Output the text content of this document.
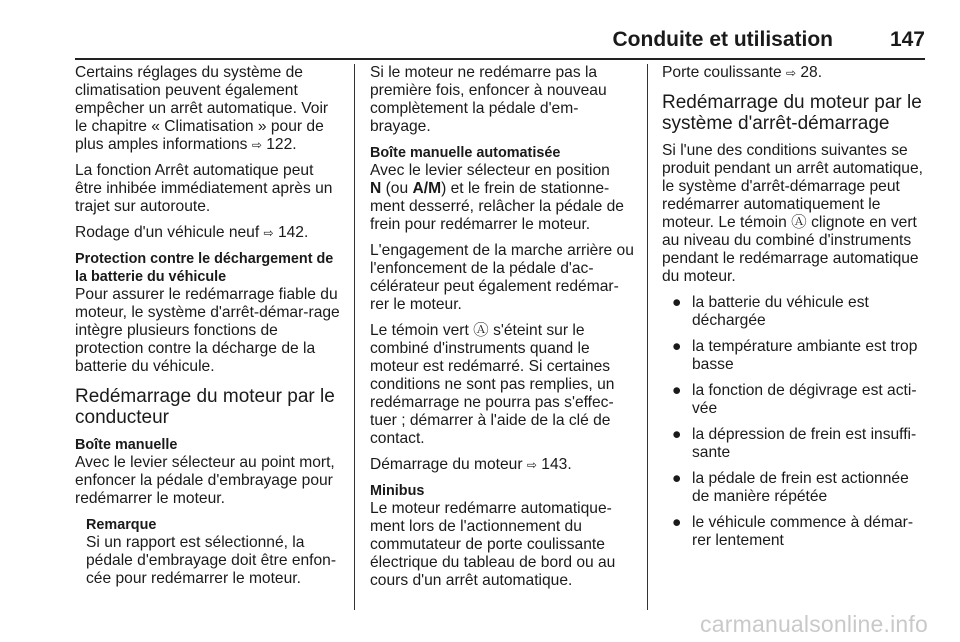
Conduite et utilisation	147

Certains réglages du système de climatisation peuvent également empêcher un arrêt automatique. Voir le chapitre « Climatisation » pour de plus amples informations ⇨ 122.

La fonction Arrêt automatique peut être inhibée immédiatement après un trajet sur autoroute.

Rodage d'un véhicule neuf ⇨ 142.

Protection contre le déchargement de la batterie du véhicule

Pour assurer le redémarrage fiable du moteur, le système d'arrêt-démar-rage intègre plusieurs fonctions de protection contre la décharge de la batterie du véhicule.

Redémarrage du moteur par le conducteur
Boîte manuelle

Avec le levier sélecteur au point mort, enfoncer la pédale d'embrayage pour redémarrer le moteur.

Remarque

Si un rapport est sélectionné, la pédale d'embrayage doit être enfon-cée pour redémarrer le moteur.

Si le moteur ne redémarre pas la première fois, enfoncer à nouveau complètement la pédale d'em-brayage.

Boîte manuelle automatisée

Avec le levier sélecteur en position
N (ou A/M) et le frein de stationne-ment desserré, relâcher la pédale de frein pour redémarrer le moteur.

L'engagement de la marche arrière ou l'enfoncement de la pédale d'ac-célérateur peut également redémar-rer le moteur.

Le témoin vert Ⓐ s'éteint sur le combiné d'instruments quand le moteur est redémarré. Si certaines conditions ne sont pas remplies, un redémarrage ne pourra pas s'effec-tuer ; démarrer à l'aide de la clé de contact.

Démarrage du moteur ⇨ 143.

Minibus

Le moteur redémarre automatique-ment lors de l'actionnement du commutateur de porte coulissante électrique du tableau de bord ou au cours d'un arrêt automatique.

Porte coulissante ⇨ 28.

Redémarrage du moteur par le système d'arrêt-démarrage

Si l'une des conditions suivantes se produit pendant un arrêt automatique, le système d'arrêt-démarrage peut redémarrer automatiquement le moteur. Le témoin Ⓐ clignote en vert au niveau du combiné d'instruments pendant le redémarrage automatique du moteur.

● la batterie du véhicule est déchargée
● la température ambiante est trop basse
● la fonction de dégivrage est acti-vée
● la dépression de frein est insuffi-sante
● la pédale de frein est actionnée de manière répétée
● le véhicule commence à démar-rer lentement
carmanualsonline.info
